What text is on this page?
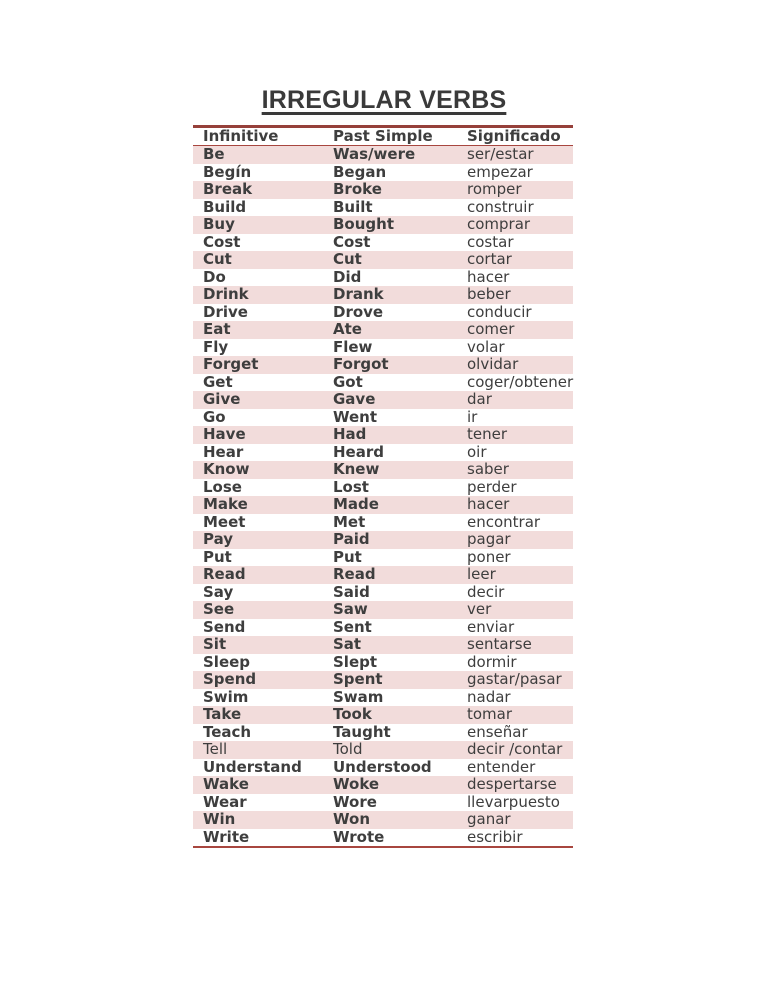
IRREGULAR VERBS
Infinitive	Past Simple	Significado
Be	Was/were	ser/estar
Begín	Began	empezar
Break	Broke	romper
Build	Built	construir
Buy	Bought	comprar
Cost	Cost	costar
Cut	Cut	cortar
Do	Did	hacer
Drink	Drank	beber
Drive	Drove	conducir
Eat	Ate	comer
Fly	Flew	volar
Forget	Forgot	olvidar
Get	Got	coger/obtener
Give	Gave	dar
Go	Went	ir
Have	Had	tener
Hear	Heard	oir
Know	Knew	saber
Lose	Lost	perder
Make	Made	hacer
Meet	Met	encontrar
Pay	Paid	pagar
Put	Put	poner
Read	Read	leer
Say	Said	decir
See	Saw	ver
Send	Sent	enviar
Sit	Sat	sentarse
Sleep	Slept	dormir
Spend	Spent	gastar/pasar
Swim	Swam	nadar
Take	Took	tomar
Teach	Taught	enseñar
Tell	Told	decir /contar
Understand	Understood	entender
Wake	Woke	despertarse
Wear	Wore	llevarpuesto
Win	Won	ganar
Write	Wrote	escribir
